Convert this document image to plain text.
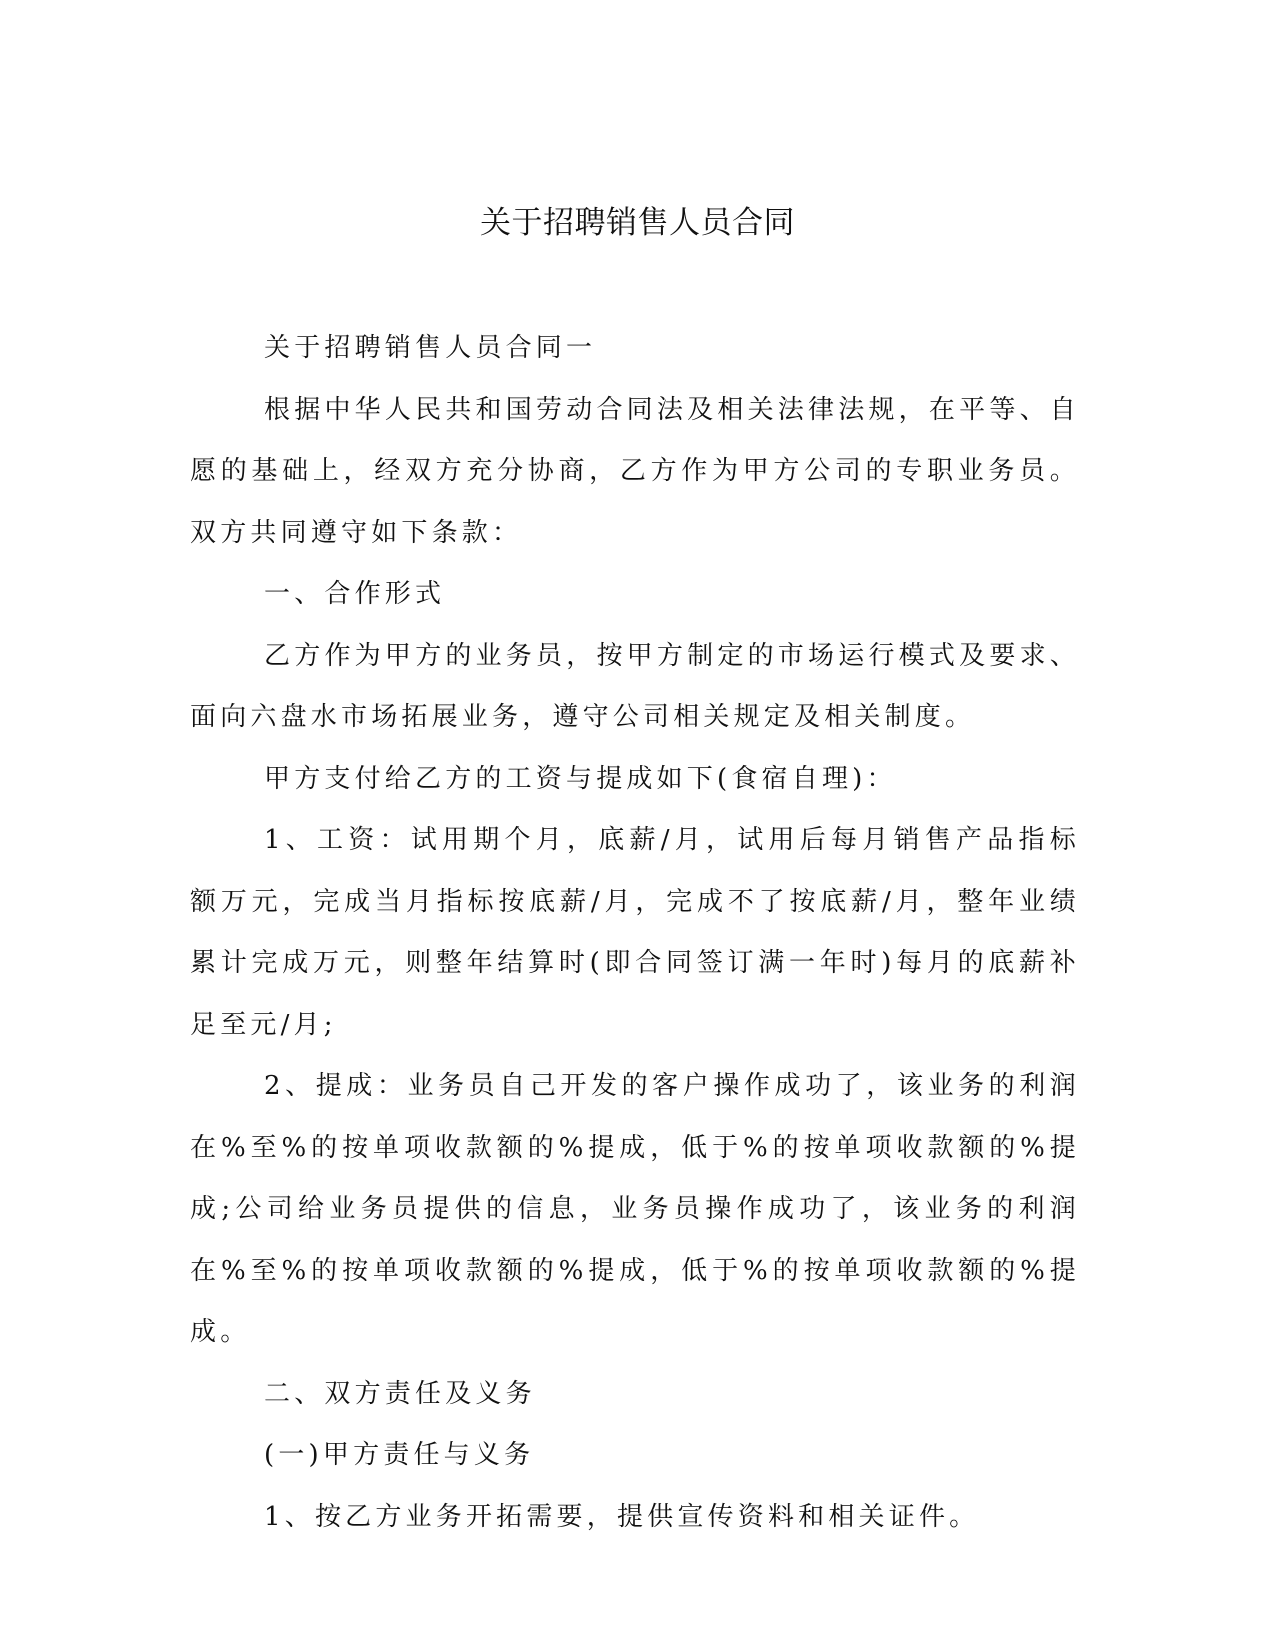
关于招聘销售人员合同

关于招聘销售人员合同一

根据中华人民共和国劳动合同法及相关法律法规，在平等、自愿的基础上，经双方充分协商，乙方作为甲方公司的专职业务员。双方共同遵守如下条款：

一、合作形式

乙方作为甲方的业务员，按甲方制定的市场运行模式及要求、面向六盘水市场拓展业务，遵守公司相关规定及相关制度。

甲方支付给乙方的工资与提成如下(食宿自理)：

1、工资：试用期个月，底薪/月，试用后每月销售产品指标额万元，完成当月指标按底薪/月，完成不了按底薪/月，整年业绩累计完成万元，则整年结算时(即合同签订满一年时)每月的底薪补足至元/月;

2、提成：业务员自己开发的客户操作成功了，该业务的利润在%至%的按单项收款额的%提成，低于%的按单项收款额的%提成;公司给业务员提供的信息，业务员操作成功了，该业务的利润在%至%的按单项收款额的%提成，低于%的按单项收款额的%提成。

二、双方责任及义务

(一)甲方责任与义务

1、按乙方业务开拓需要，提供宣传资料和相关证件。
